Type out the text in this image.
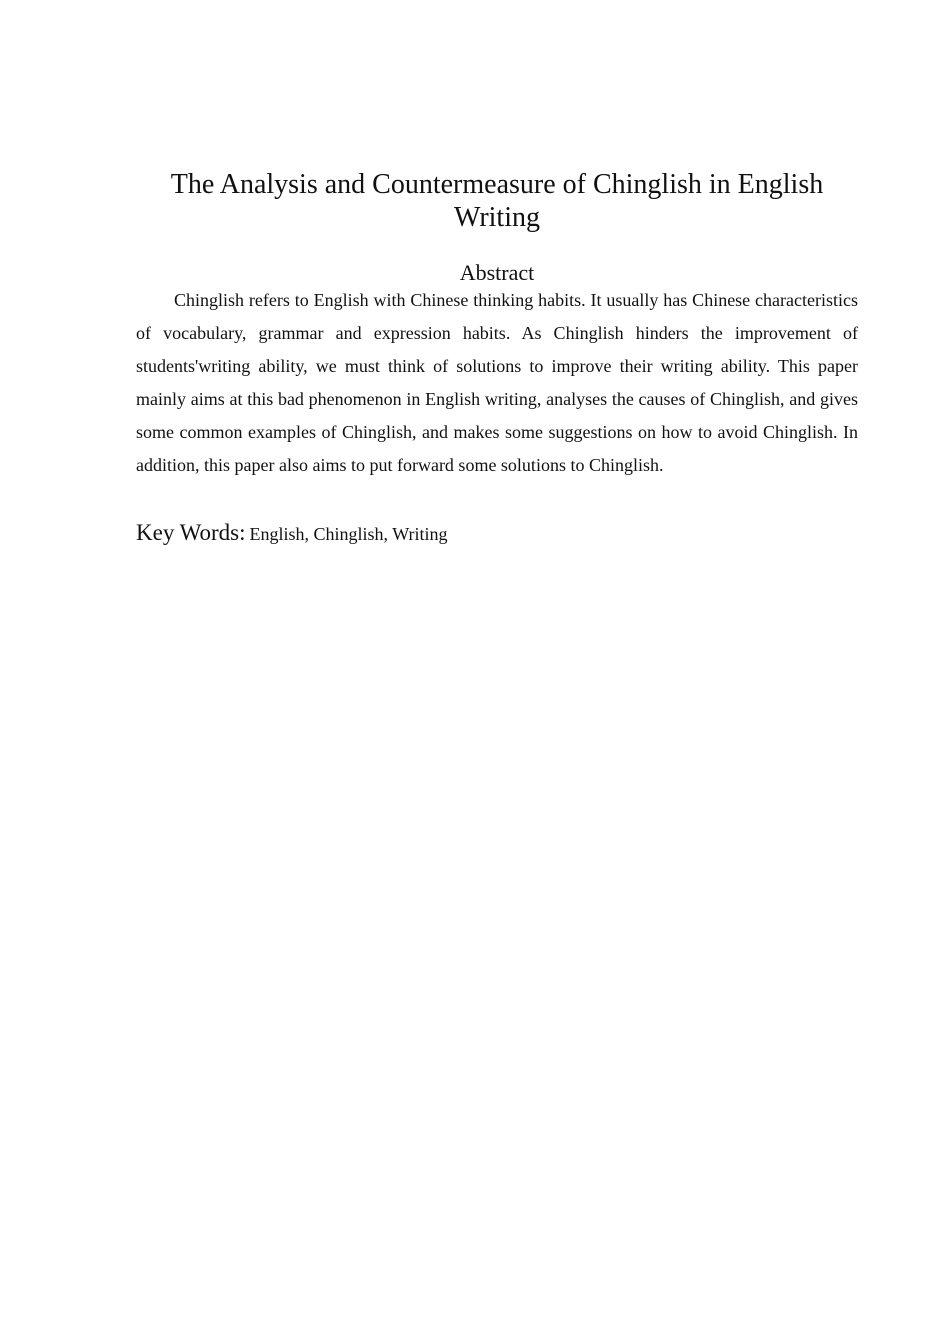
The Analysis and Countermeasure of Chinglish in English Writing
Abstract

Chinglish refers to English with Chinese thinking habits. It usually has Chinese characteristics of vocabulary, grammar and expression habits. As Chinglish hinders the improvement of students'writing ability, we must think of solutions to improve their writing ability. This paper mainly aims at this bad phenomenon in English writing, analyses the causes of Chinglish, and gives some common examples of Chinglish, and makes some suggestions on how to avoid Chinglish. In addition, this paper also aims to put forward some solutions to Chinglish.

Key Words: English, Chinglish, Writing
